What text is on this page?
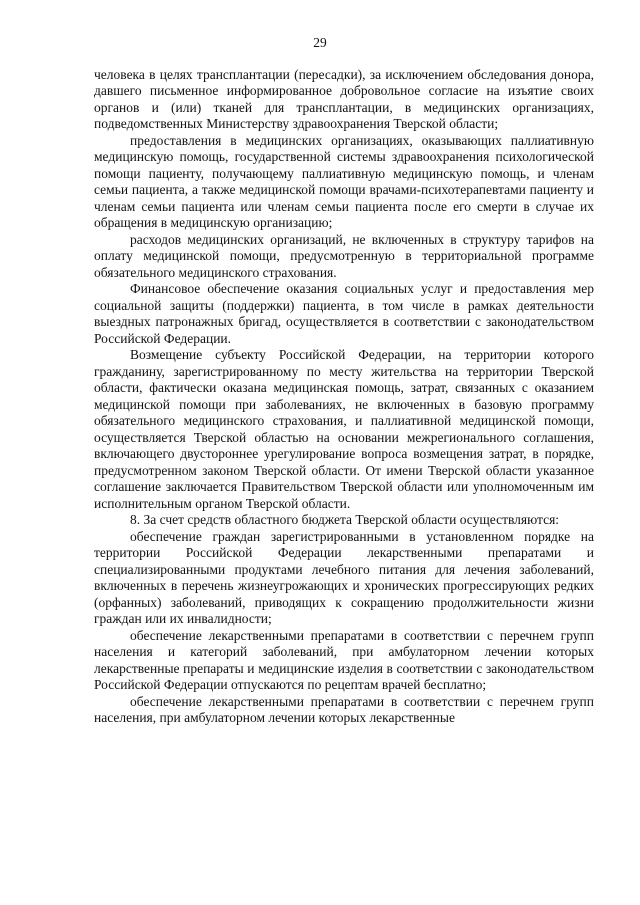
29

человека в целях трансплантации (пересадки), за исключением обследования донора, давшего письменное информированное добровольное согласие на изъятие своих органов и (или) тканей для трансплантации, в медицинских организациях, подведомственных Министерству здравоохранения Тверской области;

предоставления в медицинских организациях, оказывающих паллиативную медицинскую помощь, государственной системы здравоохранения психологической помощи пациенту, получающему паллиативную медицинскую помощь, и членам семьи пациента, а также медицинской помощи врачами-психотерапевтами пациенту и членам семьи пациента или членам семьи пациента после его смерти в случае их обращения в медицинскую организацию;

расходов медицинских организаций, не включенных в структуру тарифов на оплату медицинской помощи, предусмотренную в территориальной программе обязательного медицинского страхования.

Финансовое обеспечение оказания социальных услуг и предоставления мер социальной защиты (поддержки) пациента, в том числе в рамках деятельности выездных патронажных бригад, осуществляется в соответствии с законодательством Российской Федерации.

Возмещение субъекту Российской Федерации, на территории которого гражданину, зарегистрированному по месту жительства на территории Тверской области, фактически оказана медицинская помощь, затрат, связанных с оказанием медицинской помощи при заболеваниях, не включенных в базовую программу обязательного медицинского страхования, и паллиативной медицинской помощи, осуществляется Тверской областью на основании межрегионального соглашения, включающего двустороннее урегулирование вопроса возмещения затрат, в порядке, предусмотренном законом Тверской области. От имени Тверской области указанное соглашение заключается Правительством Тверской области или уполномоченным им исполнительным органом Тверской области.

8. За счет средств областного бюджета Тверской области осуществляются:

обеспечение граждан зарегистрированными в установленном порядке на территории Российской Федерации лекарственными препаратами и специализированными продуктами лечебного питания для лечения заболеваний, включенных в перечень жизнеугрожающих и хронических прогрессирующих редких (орфанных) заболеваний, приводящих к сокращению продолжительности жизни граждан или их инвалидности;

обеспечение лекарственными препаратами в соответствии с перечнем групп населения и категорий заболеваний, при амбулаторном лечении которых лекарственные препараты и медицинские изделия в соответствии с законодательством Российской Федерации отпускаются по рецептам врачей бесплатно;

обеспечение лекарственными препаратами в соответствии с перечнем групп населения, при амбулаторном лечении которых лекарственные
